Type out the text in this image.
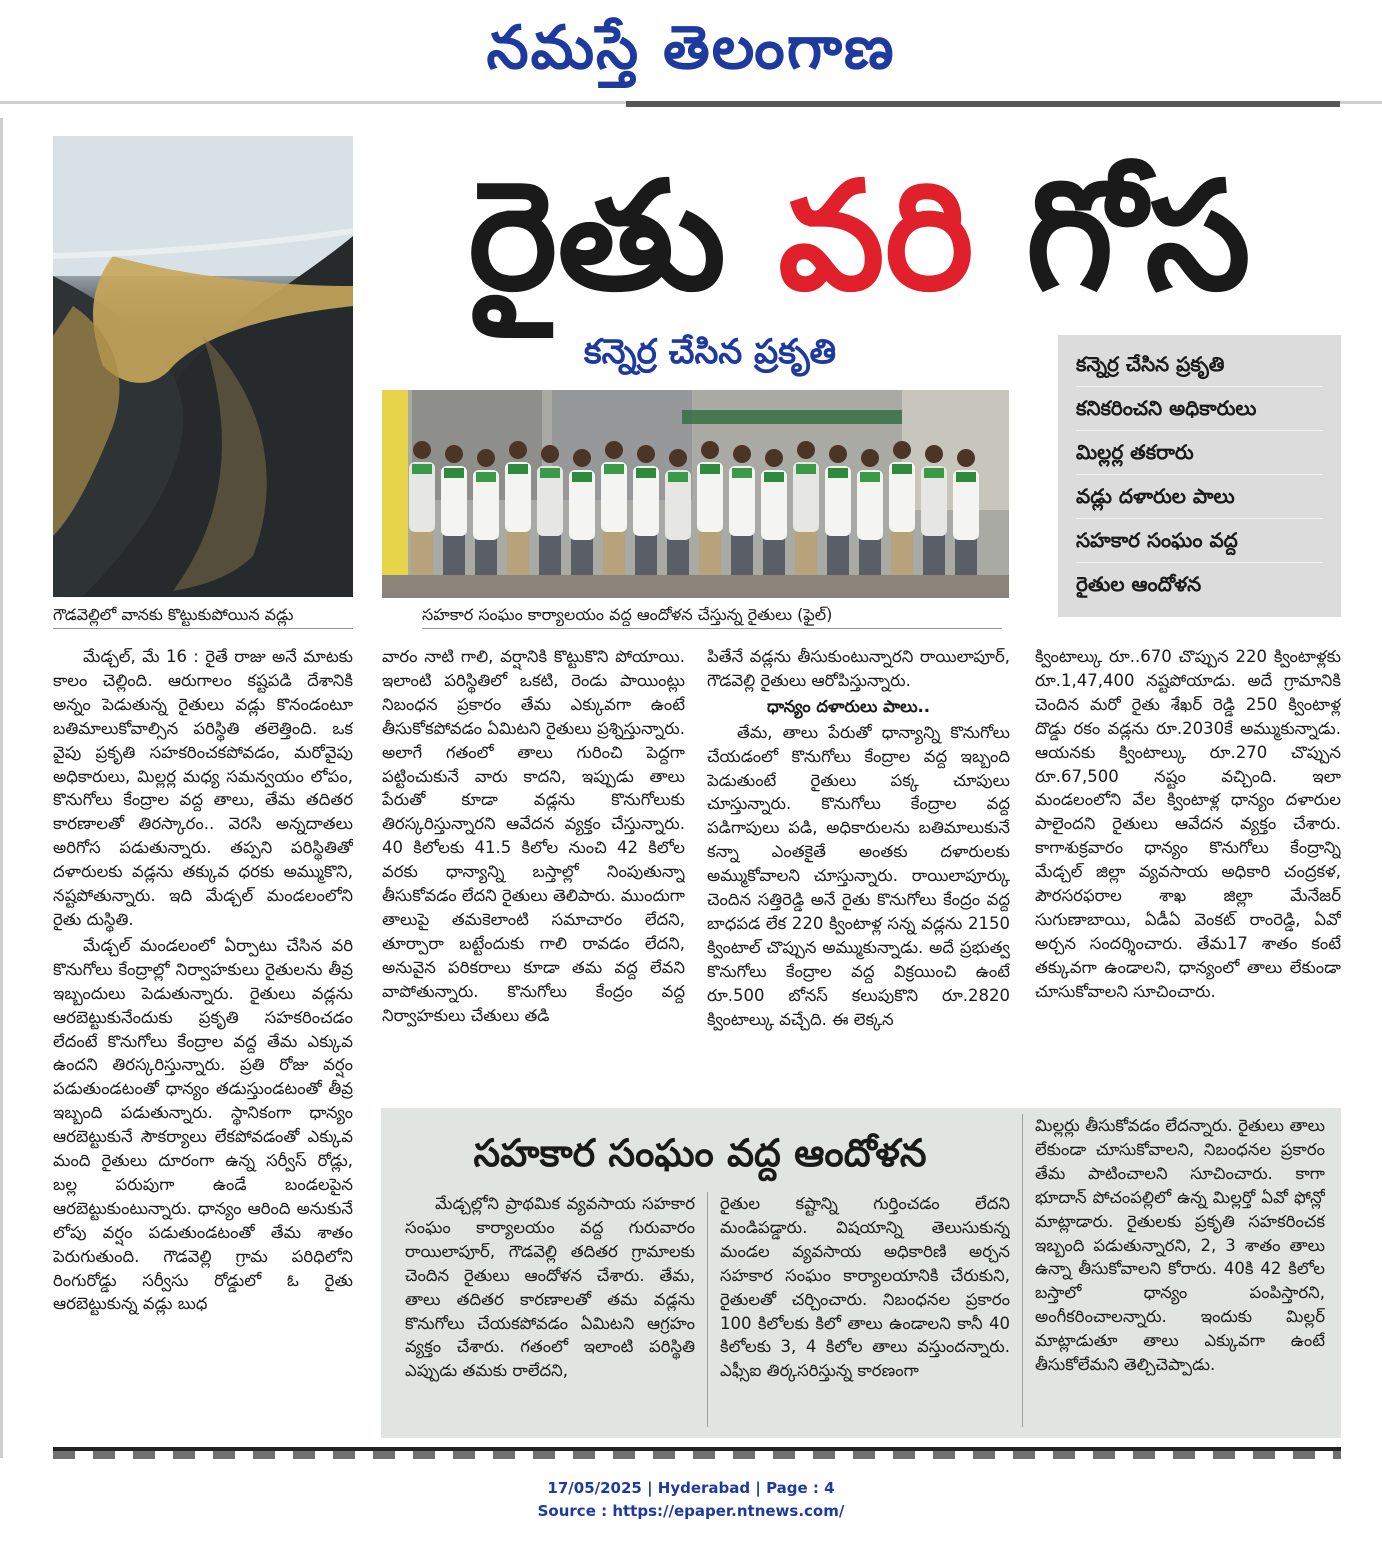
నమస్తే తెలంగాణ
గౌడవెల్లిలో వానకు కొట్టుకుపోయిన వడ్లు
రైతు వరి గోస
కన్నెర్ర చేసిన ప్రకృతి	కన్నెర్ర చేసిన ప్రకృతి
కనికరించని అధికారులు
మిల్లర్ల తకరారు
వడ్లు దళారుల పాలు
సహకార సంఘం వద్ద
రైతుల ఆందోళన
సహకార సంఘం కార్యాలయం వద్ద ఆందోళన చేస్తున్న రైతులు (ఫైల్)

మేడ్చల్, మే 16 : రైతే రాజు అనే మాటకు కాలం చెల్లింది. ఆరుగాలం కష్టపడి దేశానికి అన్నం పెడుతున్న రైతులు వడ్లు కొనండంటూ బతిమాలుకోవాల్సిన పరిస్థితి తలెత్తింది. ఒక వైపు ప్రకృతి సహకరించకపోవడం, మరోవైపు అధికారులు, మిల్లర్ల మధ్య సమన్వయం లోపం, కొనుగోలు కేంద్రాల వద్ద తాలు, తేమ తదితర కారణాలతో తిరస్కారం.. వెరసి అన్నదాతలు అరిగోస పడుతున్నారు. తప్పని పరిస్థితితో దళారులకు వడ్లను తక్కువ ధరకు అమ్ముకొని, నష్టపోతున్నారు. ఇది మేడ్చల్ మండలంలోని రైతు దుస్థితి.

మేడ్చల్ మండలంలో ఏర్పాటు చేసిన వరి కొనుగోలు కేంద్రాల్లో నిర్వాహకులు రైతులను తీవ్ర ఇబ్బందులు పెడుతున్నారు. రైతులు వడ్లను ఆరబెట్టుకునేందుకు ప్రకృతి సహకరించడం లేదంటే కొనుగోలు కేంద్రాల వద్ద తేమ ఎక్కువ ఉందని తిరస్కరిస్తున్నారు. ప్రతి రోజు వర్షం పడుతుండటంతో ధాన్యం తడుస్తుండటంతో తీవ్ర ఇబ్బంది పడుతున్నారు. స్థానికంగా ధాన్యం ఆరబెట్టుకునే సౌకర్యాలు లేకపోవడంతో ఎక్కువ మంది రైతులు దూరంగా ఉన్న సర్వీస్ రోడ్లు, బల్ల పరుపుగా ఉండే బండలపైన ఆరబెట్టుకుంటున్నారు. ధాన్యం ఆరింది అనుకునే లోపు వర్షం పడుతుండటంతో తేమ శాతం పెరుగుతుంది. గౌడవెల్లి గ్రామ పరిధిలోని రింగురోడ్డు సర్వీసు రోడ్డులో ఓ రైతు ఆరబెట్టుకున్న వడ్లు బుధ

వారం నాటి గాలి, వర్షానికి కొట్టుకొని పోయాయి. ఇలాంటి పరిస్థితిలో ఒకటి, రెండు పాయింట్లు నిబంధన ప్రకారం తేమ ఎక్కువగా ఉంటే తీసుకోకపోవడం ఏమిటని రైతులు ప్రశ్నిస్తున్నారు. అలాగే గతంలో తాలు గురించి పెద్దగా పట్టించుకునే వారు కాదని, ఇప్పుడు తాలు పేరుతో కూడా వడ్లను కొనుగోలుకు తిరస్కరిస్తున్నారని ఆవేదన వ్యక్తం చేస్తున్నారు. 40 కిలోలకు 41.5 కిలోల నుంచి 42 కిలోల వరకు ధాన్యాన్ని బస్తాల్లో నింపుతున్నా తీసుకోవడం లేదని రైతులు తెలిపారు. ముందుగా తాలుపై తమకెలాంటి సమాచారం లేదని, తూర్పారా బట్టేందుకు గాలి రావడం లేదని, అనువైన పరికరాలు కూడా తమ వద్ద లేవని వాపోతున్నారు. కొనుగోలు కేంద్రం వద్ద నిర్వాహకులు చేతులు తడి

పితేనే వడ్లను తీసుకుంటున్నారని రాయిలాపూర్, గౌడవెల్లి రైతులు ఆరోపిస్తున్నారు.

ధాన్యం దళారులు పాలు..

తేమ, తాలు పేరుతో ధాన్యాన్ని కొనుగోలు చేయడంలో కొనుగోలు కేంద్రాల వద్ద ఇబ్బంది పెడుతుంటే రైతులు పక్క చూపులు చూస్తున్నారు. కొనుగోలు కేంద్రాల వద్ద పడిగాపులు పడి, అధికారులను బతిమాలుకునే కన్నా ఎంతకైతే అంతకు దళారులకు అమ్ముకోవాలని చూస్తున్నారు. రాయిలాపూర్కు చెందిన సత్తిరెడ్డి అనే రైతు కొనుగోలు కేంద్రం వద్ద బాధపడ లేక 220 క్వింటాళ్ల సన్న వడ్లను 2150 క్వింటాల్ చొప్పున అమ్ముకున్నాడు. అదే ప్రభుత్వ కొనుగోలు కేంద్రాల వద్ద విక్రయించి ఉంటే రూ.500 బోనస్ కలుపుకొని రూ.2820 క్వింటాల్కు వచ్చేది. ఈ లెక్కన

క్వింటాల్కు రూ..670 చొప్పున 220 క్వింటాళ్లకు రూ.1,47,400 నష్టపోయాడు. అదే గ్రామానికి చెందిన మరో రైతు శేఖర్ రెడ్డి 250 క్వింటాళ్ల దొడ్డు రకం వడ్లను రూ.2030కే అమ్ముకున్నాడు. ఆయనకు క్వింటాల్కు రూ.270 చొప్పున రూ.67,500 నష్టం వచ్చింది. ఇలా మండలంలోని వేల క్వింటాళ్ల ధాన్యం దళారుల పాలైందని రైతులు ఆవేదన వ్యక్తం చేశారు. కాగాశుక్రవారం ధాన్యం కొనుగోలు కేంద్రాన్ని మేడ్చల్ జిల్లా వ్యవసాయ అధికారి చంద్రకళ, పౌరసరఫరాల శాఖ జిల్లా మేనేజర్ సుగుణాబాయి, ఏడీఏ వెంకట్ రాంరెడ్డి, ఏవో అర్చన సందర్శించారు. తేమ17 శాతం కంటే తక్కువగా ఉండాలని, ధాన్యంలో తాలు లేకుండా చూసుకోవాలని సూచించారు.

సహకార సంఘం వద్ద ఆందోళన

మేడ్చల్లోని ప్రాథమిక వ్యవసాయ సహకార సంఘం కార్యాలయం వద్ద గురువారం రాయిలాపూర్, గౌడవెల్లి తదితర గ్రామాలకు చెందిన రైతులు ఆందోళన చేశారు. తేమ, తాలు తదితర కారణాలతో తమ వడ్లను కొనుగోలు చేయకపోవడం ఏమిటని ఆగ్రహం వ్యక్తం చేశారు. గతంలో ఇలాంటి పరిస్థితి ఎప్పుడు తమకు రాలేదని,

రైతుల కష్టాన్ని గుర్తించడం లేదని మండిపడ్డారు. విషయాన్ని తెలుసుకున్న మండల వ్యవసాయ అధికారిణి అర్చన సహకార సంఘం కార్యాలయానికి చేరుకుని, రైతులతో చర్చించారు. నిబంధనల ప్రకారం 100 కిలోలకు కిలో తాలు ఉండాలని కానీ 40 కిలోలకు 3, 4 కిలోల తాలు వస్తుందన్నారు. ఎఫ్సీఐ తిర్కసరిస్తున్న కారణంగా

మిల్లర్లు తీసుకోవడం లేదన్నారు. రైతులు తాలు లేకుండా చూసుకోవాలని, నిబంధనల ప్రకారం తేమ పాటించాలని సూచించారు. కాగా భూదాన్ పోచంపల్లిలో ఉన్న మిల్లర్తో ఏవో ఫోన్లో మాట్లాడారు. రైతులకు ప్రకృతి సహకరించక ఇబ్బంది పడుతున్నారని, 2, 3 శాతం తాలు ఉన్నా తీసుకోవాలని కోరారు. 40కి 42 కిలోల బస్తాలో ధాన్యం పంపిస్తారని, అంగీకరించాలన్నారు. ఇందుకు మిల్లర్ మాట్లాడుతూ తాలు ఎక్కువగా ఉంటే తీసుకోలేమని తెల్చిచెప్పాడు.

17/05/2025 | Hyderabad | Page : 4
Source : https://epaper.ntnews.com/
